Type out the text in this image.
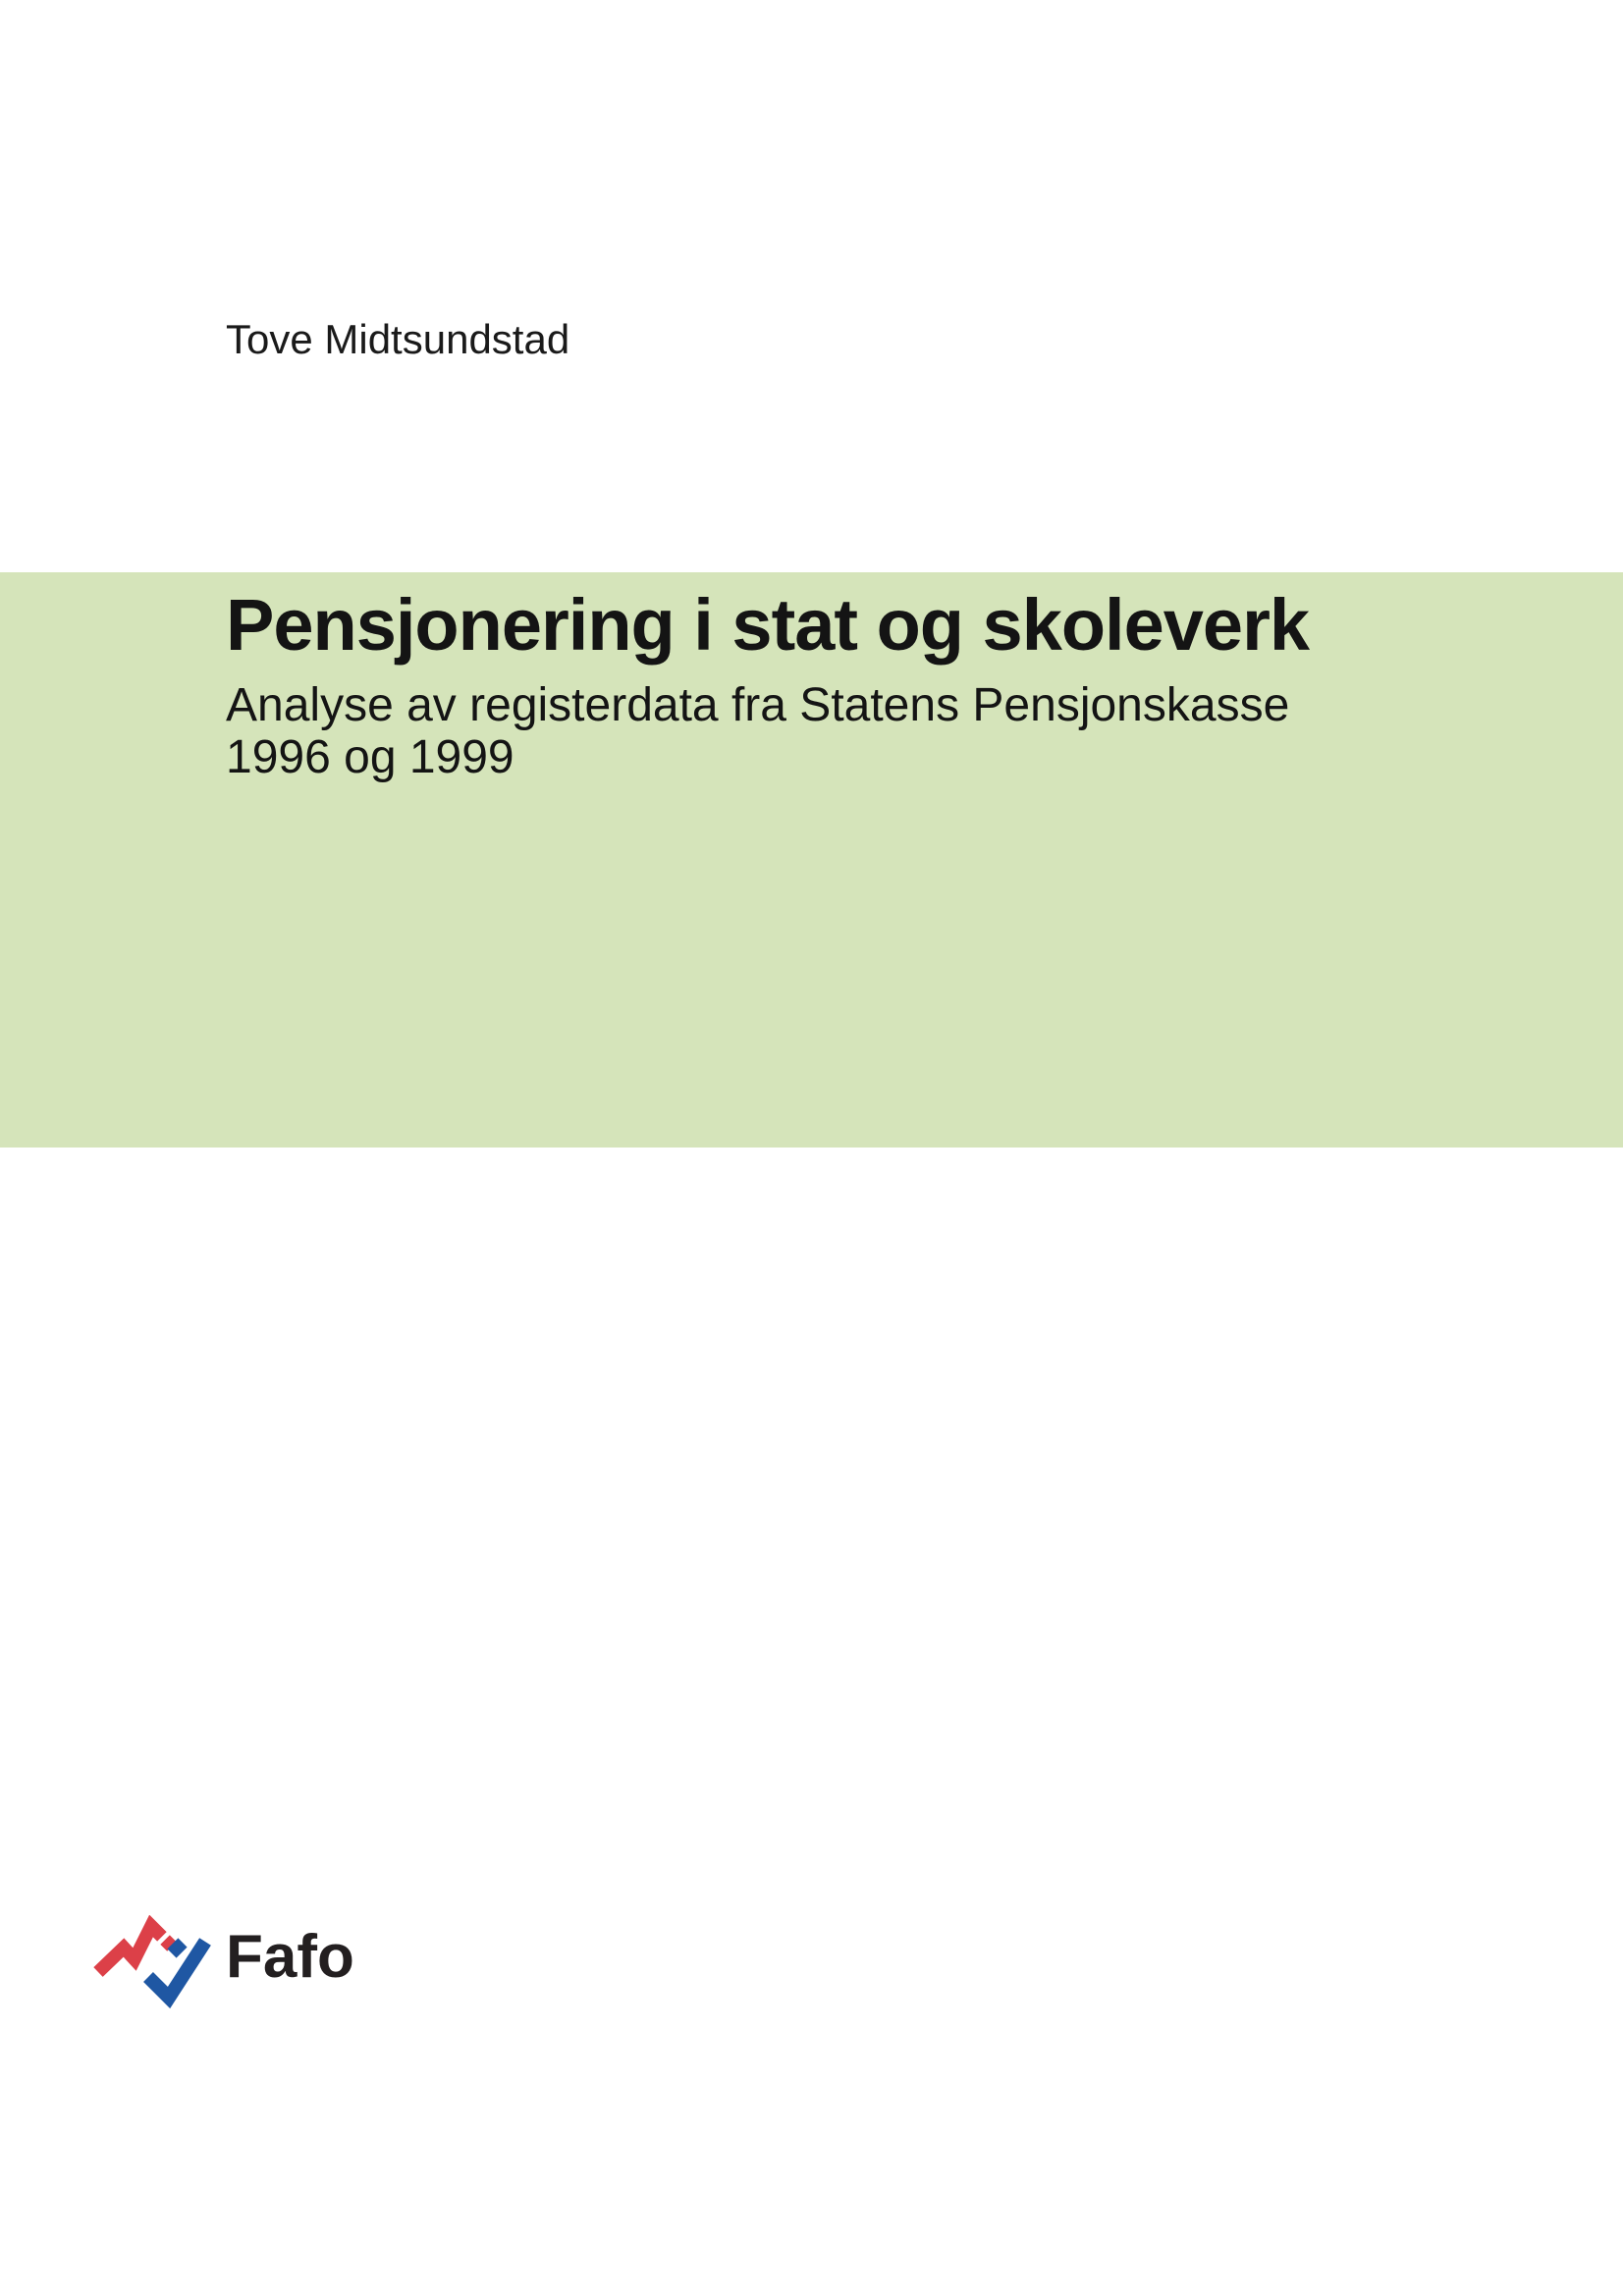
Tove Midtsundstad
Pensjonering i stat og skoleverk

Analyse av registerdata fra Statens Pensjonskasse
1996 og 1999

Fafo
